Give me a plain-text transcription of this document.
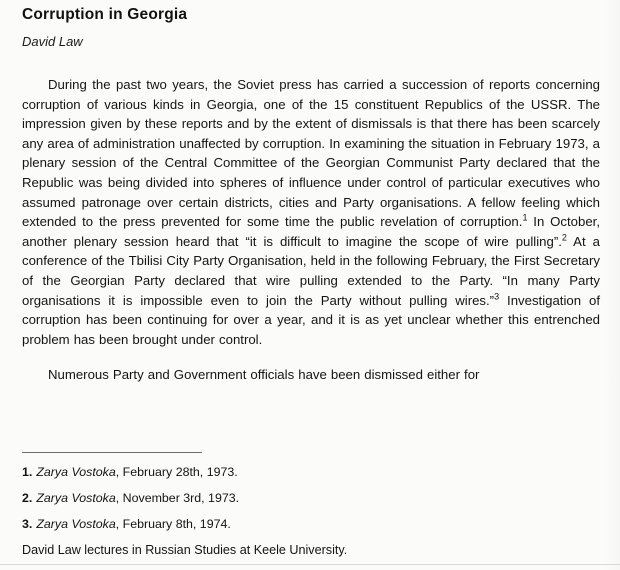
Corruption in Georgia
David Law

During the past two years, the Soviet press has carried a succession of reports concerning corruption of various kinds in Georgia, one of the 15 constituent Republics of the USSR. The impression given by these reports and by the extent of dismissals is that there has been scarcely any area of administration unaffected by corruption. In examining the situation in February 1973, a plenary session of the Central Committee of the Georgian Communist Party declared that the Republic was being divided into spheres of influence under control of particular executives who assumed patronage over certain districts, cities and Party organisations. A fellow feeling which extended to the press prevented for some time the public revelation of corruption.$^1$ In October, another plenary session heard that “it is difficult to imagine the scope of wire pulling”.$^2$ At a conference of the Tbilisi City Party Organisation, held in the following February, the First Secretary of the Georgian Party declared that wire pulling extended to the Party. “In many Party organisations it is impossible even to join the Party without pulling wires.”$^3$ Investigation of corruption has been continuing for over a year, and it is as yet unclear whether this entrenched problem has been brought under control.

Numerous Party and Government officials have been dismissed either for

1. Zarya Vostoka, February 28th, 1973.
2. Zarya Vostoka, November 3rd, 1973.
3. Zarya Vostoka, February 8th, 1974.
David Law lectures in Russian Studies at Keele University.
